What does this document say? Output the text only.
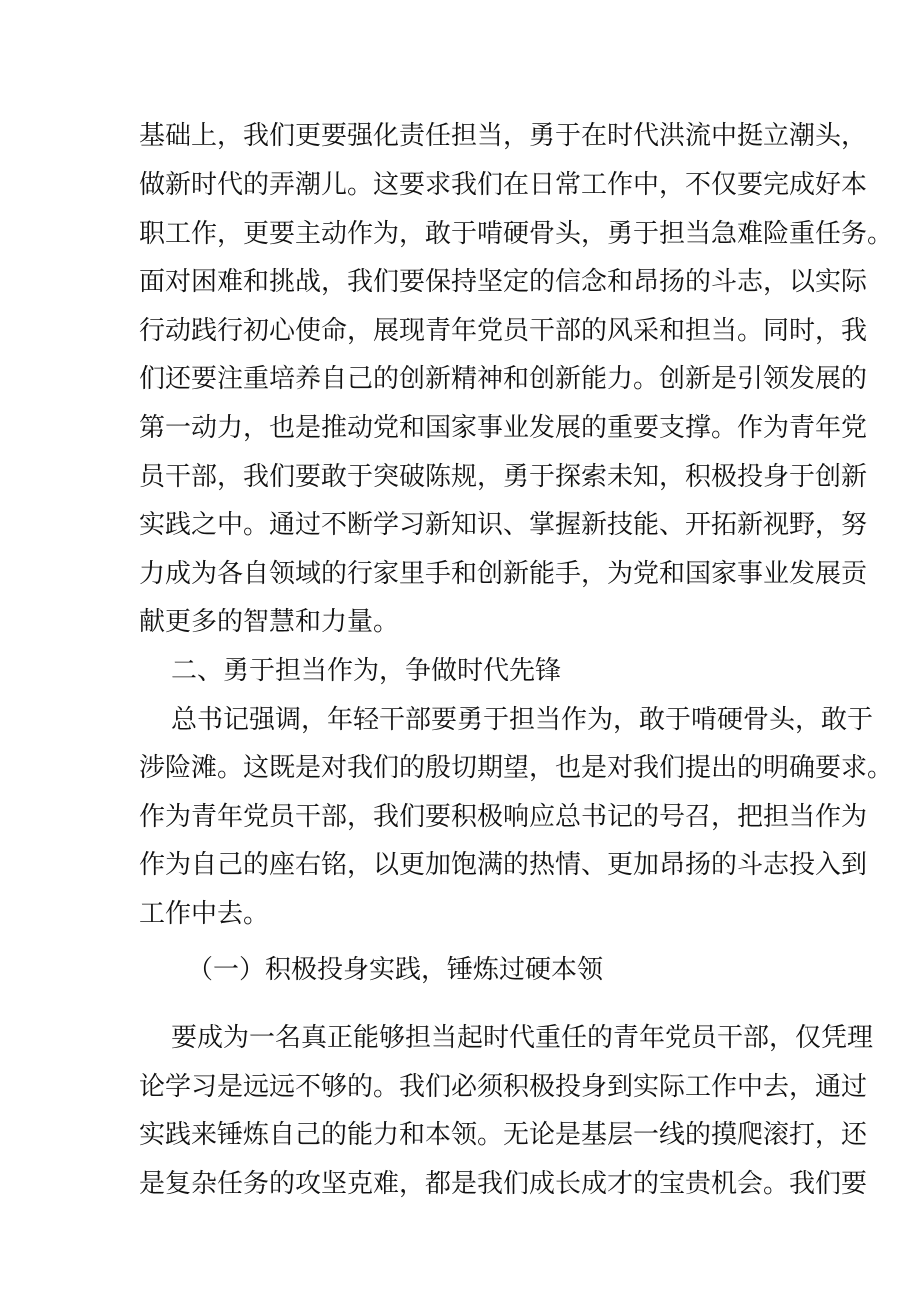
基础上，我们更要强化责任担当，勇于在时代洪流中挺立潮头，
做新时代的弄潮儿。这要求我们在日常工作中，不仅要完成好本
职工作，更要主动作为，敢于啃硬骨头，勇于担当急难险重任务。
面对困难和挑战，我们要保持坚定的信念和昂扬的斗志，以实际
行动践行初心使命，展现青年党员干部的风采和担当。同时，我
们还要注重培养自己的创新精神和创新能力。创新是引领发展的
第一动力，也是推动党和国家事业发展的重要支撑。作为青年党
员干部，我们要敢于突破陈规，勇于探索未知，积极投身于创新
实践之中。通过不断学习新知识、掌握新技能、开拓新视野，努
力成为各自领域的行家里手和创新能手，为党和国家事业发展贡
献更多的智慧和力量。
二、勇于担当作为，争做时代先锋
总书记强调，年轻干部要勇于担当作为，敢于啃硬骨头，敢于
涉险滩。这既是对我们的殷切期望，也是对我们提出的明确要求。
作为青年党员干部，我们要积极响应总书记的号召，把担当作为
作为自己的座右铭，以更加饱满的热情、更加昂扬的斗志投入到
工作中去。
（一）积极投身实践，锤炼过硬本领
要成为一名真正能够担当起时代重任的青年党员干部，仅凭理
论学习是远远不够的。我们必须积极投身到实际工作中去，通过
实践来锤炼自己的能力和本领。无论是基层一线的摸爬滚打，还
是复杂任务的攻坚克难，都是我们成长成才的宝贵机会。我们要
